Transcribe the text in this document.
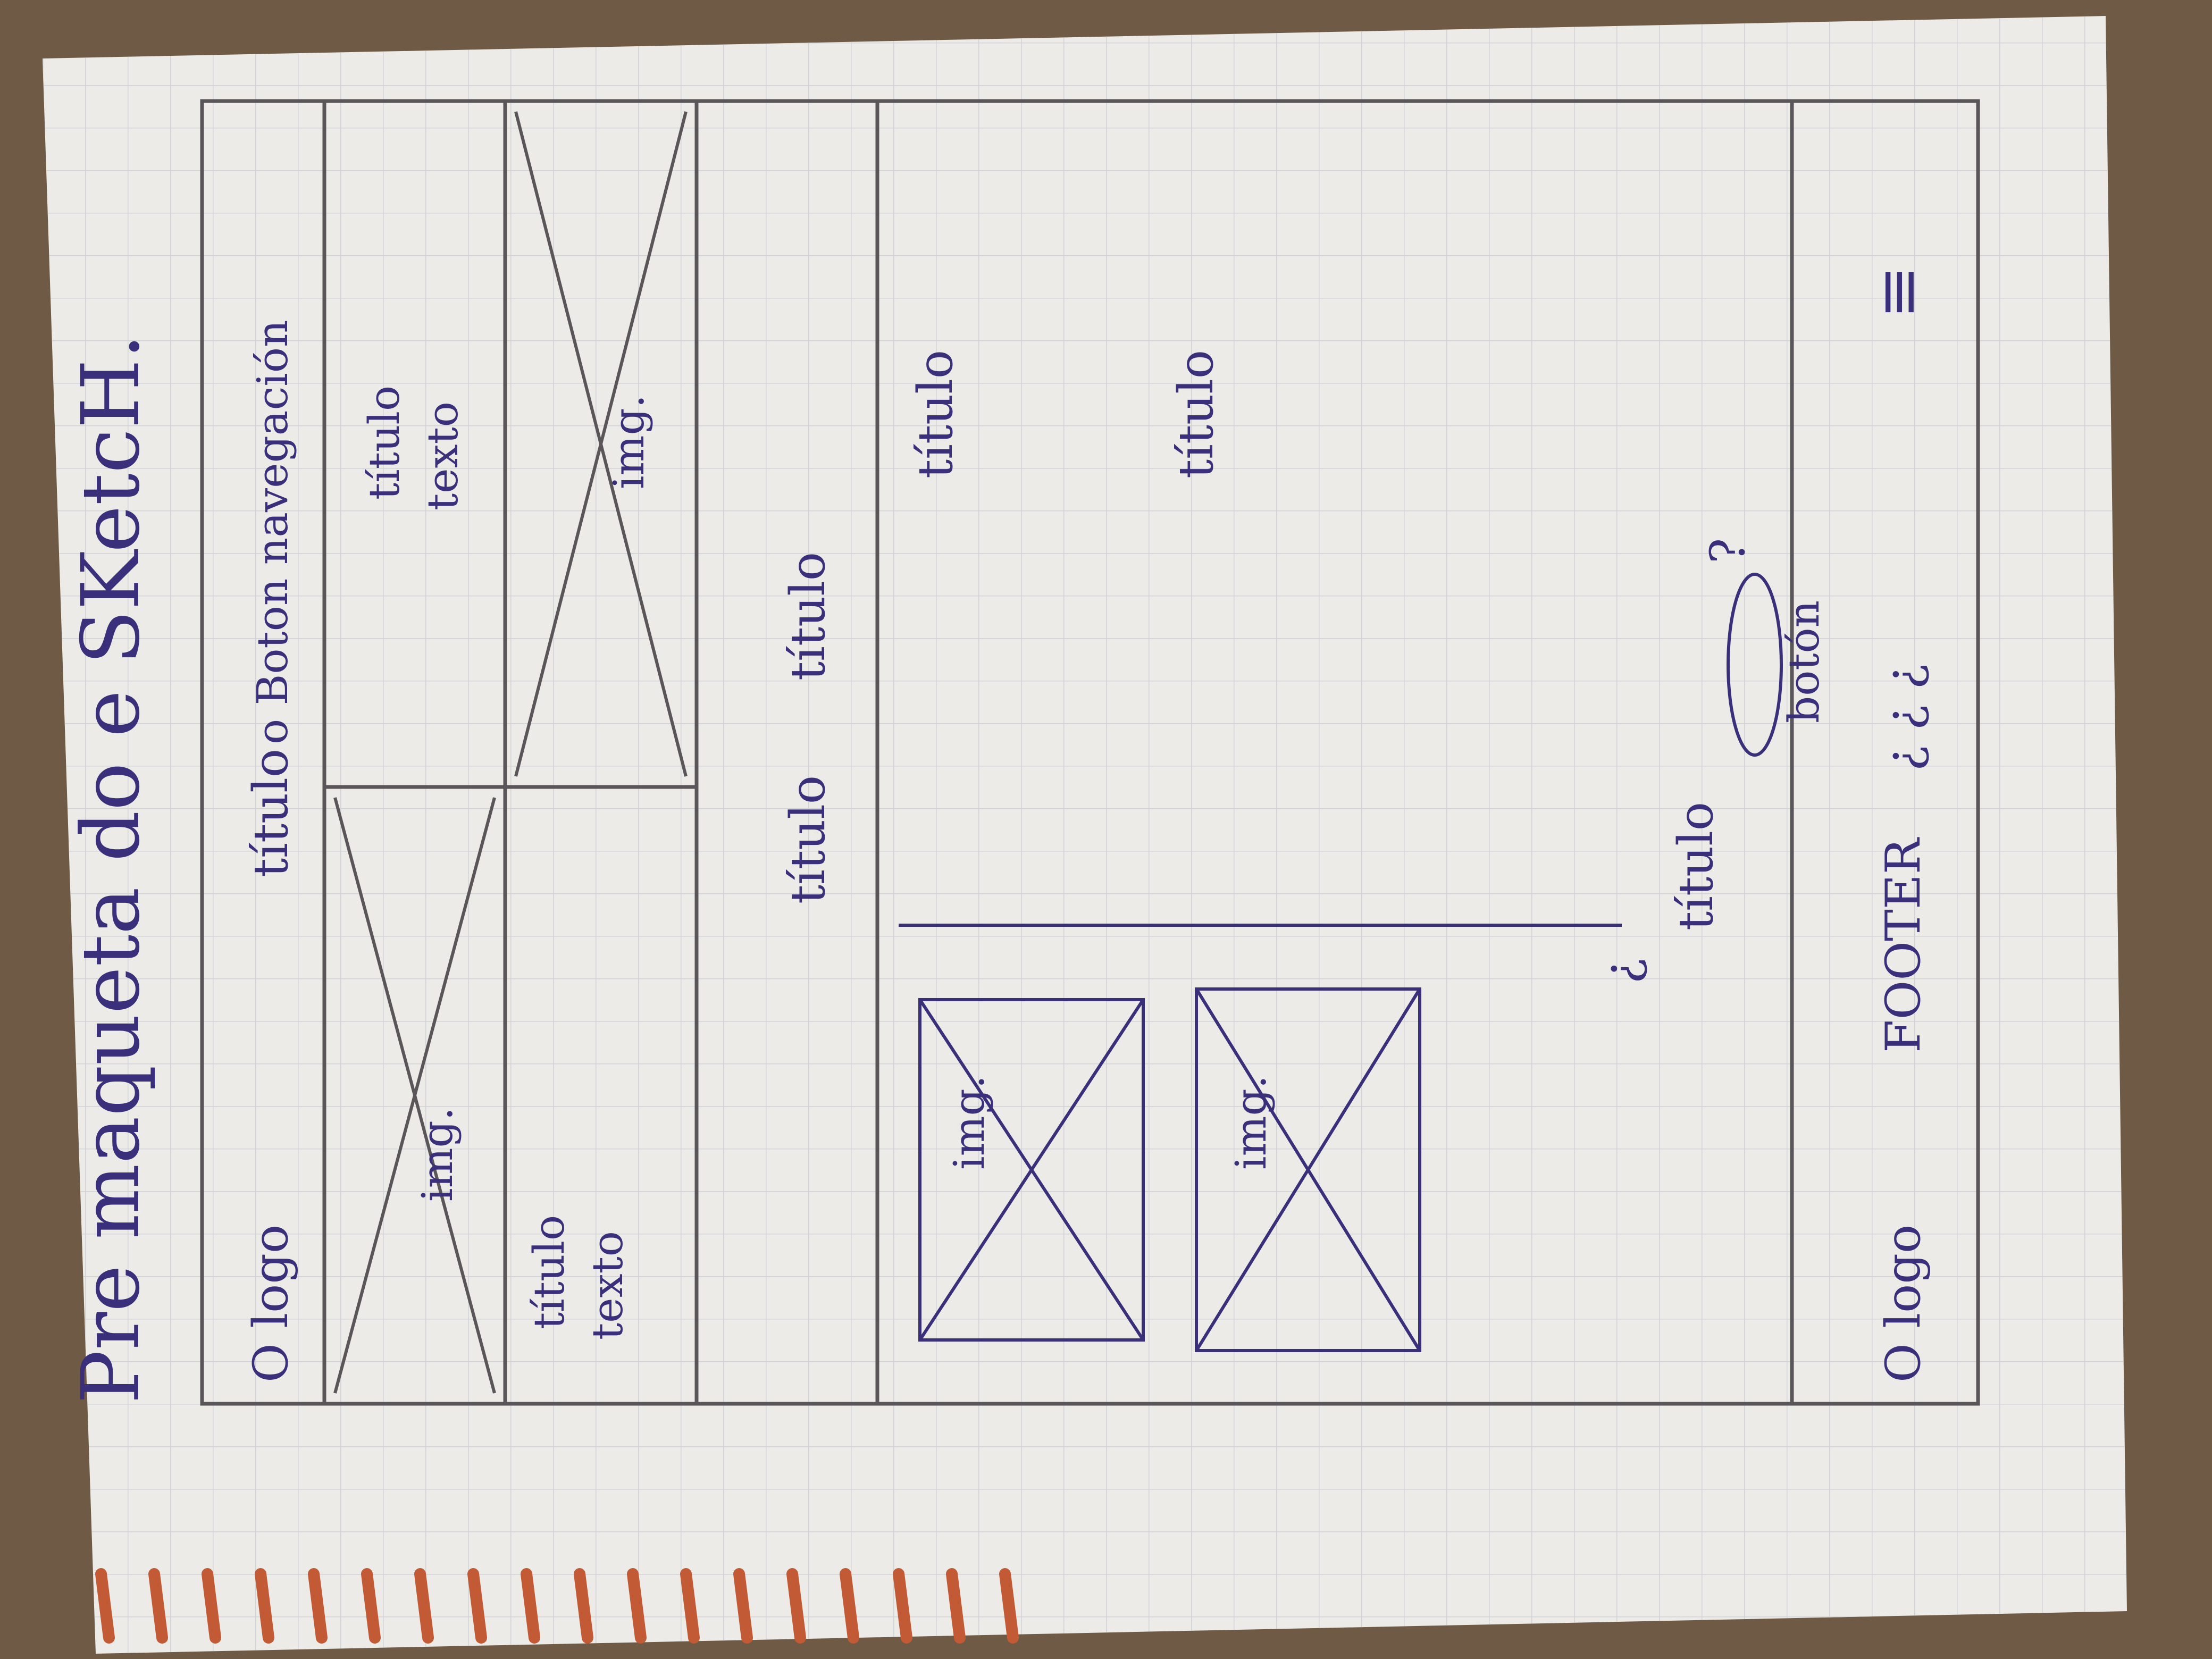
Pre maqueta do e SKetcH. O logo
título
o Boton navegación
img.
título texto	img.
título texto
título
título
img.	img.
título	título
¿
título
?
botón
O logo
FOOTER
¿ ¿ ¿
≡
